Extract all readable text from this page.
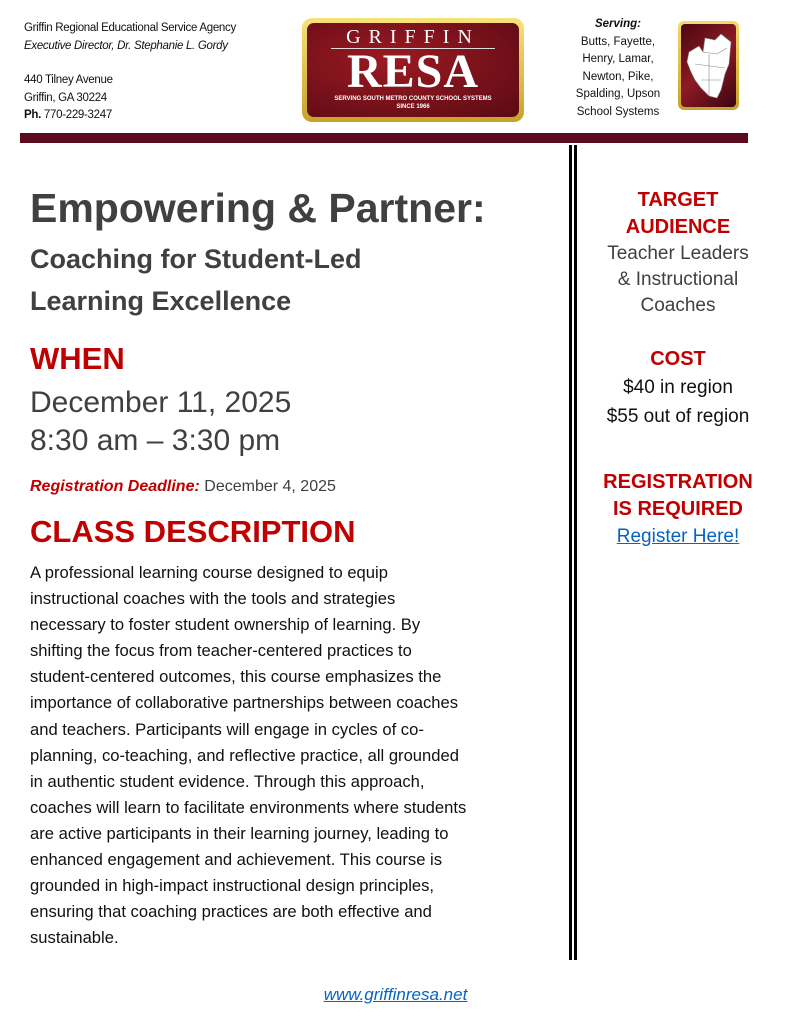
Griffin Regional Educational Service Agency
Executive Director, Dr. Stephanie L. Gordy
440 Tilney Avenue
Griffin, GA 30224
Ph. 770-229-3247
GRIFFIN
RESA
SERVING SOUTH METRO COUNTY SCHOOL SYSTEMS
SINCE 1966
Serving:
Butts, Fayette,
Henry, Lamar,
Newton, Pike,
Spalding, Upson
School Systems
Empowering & Partner:
Coaching for Student-Led
Learning Excellence
WHEN
December 11, 2025
8:30 am – 3:30 pm
Registration Deadline: December 4, 2025
CLASS DESCRIPTION
A professional learning course designed to equip
instructional coaches with the tools and strategies
necessary to foster student ownership of learning. By
shifting the focus from teacher-centered practices to
student-centered outcomes, this course emphasizes the
importance of collaborative partnerships between coaches
and teachers. Participants will engage in cycles of co-
planning, co-teaching, and reflective practice, all grounded
in authentic student evidence. Through this approach,
coaches will learn to facilitate environments where students
are active participants in their learning journey, leading to
enhanced engagement and achievement. This course is
grounded in high-impact instructional design principles,
ensuring that coaching practices are both effective and
sustainable.
TARGET
AUDIENCE
Teacher Leaders
& Instructional
Coaches
COST
$40 in region
$55 out of region
REGISTRATION
IS REQUIRED
Register Here!
www.griffinresa.net
